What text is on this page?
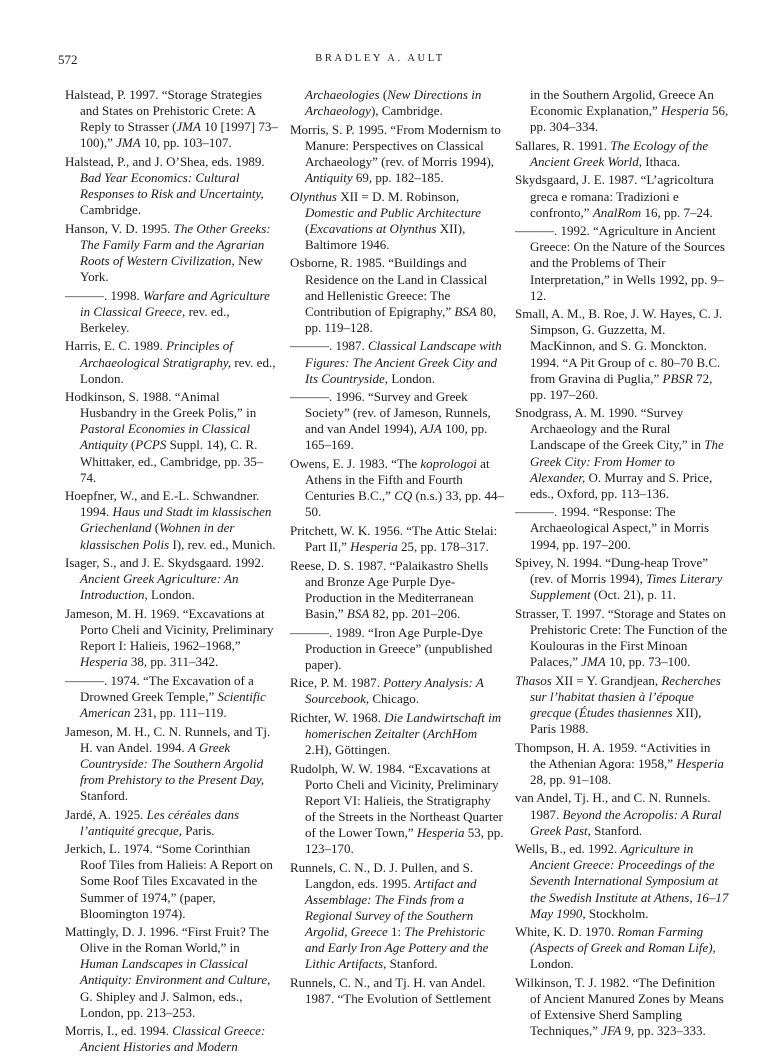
572	BRADLEY A. AULT

Halstead, P. 1997. “Storage Strategies and States on Prehistoric Crete: A Reply to Strasser (JMA 10 [1997] 73–100),” JMA 10, pp. 103–107.

Halstead, P., and J. O’Shea, eds. 1989. Bad Year Economics: Cultural Responses to Risk and Uncertainty, Cambridge.

Hanson, V. D. 1995. The Other Greeks: The Family Farm and the Agrarian Roots of Western Civilization, New York.

———. 1998. Warfare and Agriculture in Classical Greece, rev. ed., Berkeley.

Harris, E. C. 1989. Principles of Archaeological Stratigraphy, rev. ed., London.

Hodkinson, S. 1988. “Animal Husbandry in the Greek Polis,” in Pastoral Economies in Classical Antiquity (PCPS Suppl. 14), C. R. Whittaker, ed., Cambridge, pp. 35–74.

Hoepfner, W., and E.-L. Schwandner. 1994. Haus und Stadt im klassischen Griechenland (Wohnen in der klassischen Polis I), rev. ed., Munich.

Isager, S., and J. E. Skydsgaard. 1992. Ancient Greek Agriculture: An Introduction, London.

Jameson, M. H. 1969. “Excavations at Porto Cheli and Vicinity, Preliminary Report I: Halieis, 1962–1968,” Hesperia 38, pp. 311–342.

———. 1974. “The Excavation of a Drowned Greek Temple,” Scientific American 231, pp. 111–119.

Jameson, M. H., C. N. Runnels, and Tj. H. van Andel. 1994. A Greek Countryside: The Southern Argolid from Prehistory to the Present Day, Stanford.

Jardé, A. 1925. Les céréales dans l’antiquité grecque, Paris.

Jerkich, L. 1974. “Some Corinthian Roof Tiles from Halieis: A Report on Some Roof Tiles Excavated in the Summer of 1974,” (paper, Bloomington 1974).

Mattingly, D. J. 1996. “First Fruit? The Olive in the Roman World,” in Human Landscapes in Classical Antiquity: Environment and Culture, G. Shipley and J. Salmon, eds., London, pp. 213–253.

Morris, I., ed. 1994. Classical Greece: Ancient Histories and Modern

Archaeologies (New Directions in Archaeology), Cambridge.

Morris, S. P. 1995. “From Modernism to Manure: Perspectives on Classical Archaeology” (rev. of Morris 1994), Antiquity 69, pp. 182–185.

Olynthus XII = D. M. Robinson, Domestic and Public Architecture (Excavations at Olynthus XII), Baltimore 1946.

Osborne, R. 1985. “Buildings and Residence on the Land in Classical and Hellenistic Greece: The Contribution of Epigraphy,” BSA 80, pp. 119–128.

———. 1987. Classical Landscape with Figures: The Ancient Greek City and Its Countryside, London.

———. 1996. “Survey and Greek Society” (rev. of Jameson, Runnels, and van Andel 1994), AJA 100, pp. 165–169.

Owens, E. J. 1983. “The koprologoi at Athens in the Fifth and Fourth Centuries B.C.,” CQ (n.s.) 33, pp. 44–50.

Pritchett, W. K. 1956. “The Attic Stelai: Part II,” Hesperia 25, pp. 178–317.

Reese, D. S. 1987. “Palaikastro Shells and Bronze Age Purple Dye-Production in the Mediterranean Basin,” BSA 82, pp. 201–206.

———. 1989. “Iron Age Purple-Dye Production in Greece” (unpublished paper).

Rice, P. M. 1987. Pottery Analysis: A Sourcebook, Chicago.

Richter, W. 1968. Die Landwirtschaft im homerischen Zeitalter (ArchHom 2.H), Göttingen.

Rudolph, W. W. 1984. “Excavations at Porto Cheli and Vicinity, Preliminary Report VI: Halieis, the Stratigraphy of the Streets in the Northeast Quarter of the Lower Town,” Hesperia 53, pp. 123–170.

Runnels, C. N., D. J. Pullen, and S. Langdon, eds. 1995. Artifact and Assemblage: The Finds from a Regional Survey of the Southern Argolid, Greece 1: The Prehistoric and Early Iron Age Pottery and the Lithic Artifacts, Stanford.

Runnels, C. N., and Tj. H. van Andel. 1987. “The Evolution of Settlement

in the Southern Argolid, Greece An Economic Explanation,” Hesperia 56, pp. 304–334.

Sallares, R. 1991. The Ecology of the Ancient Greek World, Ithaca.

Skydsgaard, J. E. 1987. “L’agricoltura greca e romana: Tradizioni e confronto,” AnalRom 16, pp. 7–24.

———. 1992. “Agriculture in Ancient Greece: On the Nature of the Sources and the Problems of Their Interpretation,” in Wells 1992, pp. 9–12.

Small, A. M., B. Roe, J. W. Hayes, C. J. Simpson, G. Guzzetta, M. MacKinnon, and S. G. Monckton. 1994. “A Pit Group of c. 80–70 B.C. from Gravina di Puglia,” PBSR 72, pp. 197–260.

Snodgrass, A. M. 1990. “Survey Archaeology and the Rural Landscape of the Greek City,” in The Greek City: From Homer to Alexander, O. Murray and S. Price, eds., Oxford, pp. 113–136.

———. 1994. “Response: The Archaeological Aspect,” in Morris 1994, pp. 197–200.

Spivey, N. 1994. “Dung-heap Trove” (rev. of Morris 1994), Times Literary Supplement (Oct. 21), p. 11.

Strasser, T. 1997. “Storage and States on Prehistoric Crete: The Function of the Koulouras in the First Minoan Palaces,” JMA 10, pp. 73–100.

Thasos XII = Y. Grandjean, Recherches sur l’habitat thasien à l’époque grecque (Études thasiennes XII), Paris 1988.

Thompson, H. A. 1959. “Activities in the Athenian Agora: 1958,” Hesperia 28, pp. 91–108.

van Andel, Tj. H., and C. N. Runnels. 1987. Beyond the Acropolis: A Rural Greek Past, Stanford.

Wells, B., ed. 1992. Agriculture in Ancient Greece: Proceedings of the Seventh International Symposium at the Swedish Institute at Athens, 16–17 May 1990, Stockholm.

White, K. D. 1970. Roman Farming (Aspects of Greek and Roman Life), London.

Wilkinson, T. J. 1982. “The Definition of Ancient Manured Zones by Means of Extensive Sherd Sampling Techniques,” JFA 9, pp. 323–333.
